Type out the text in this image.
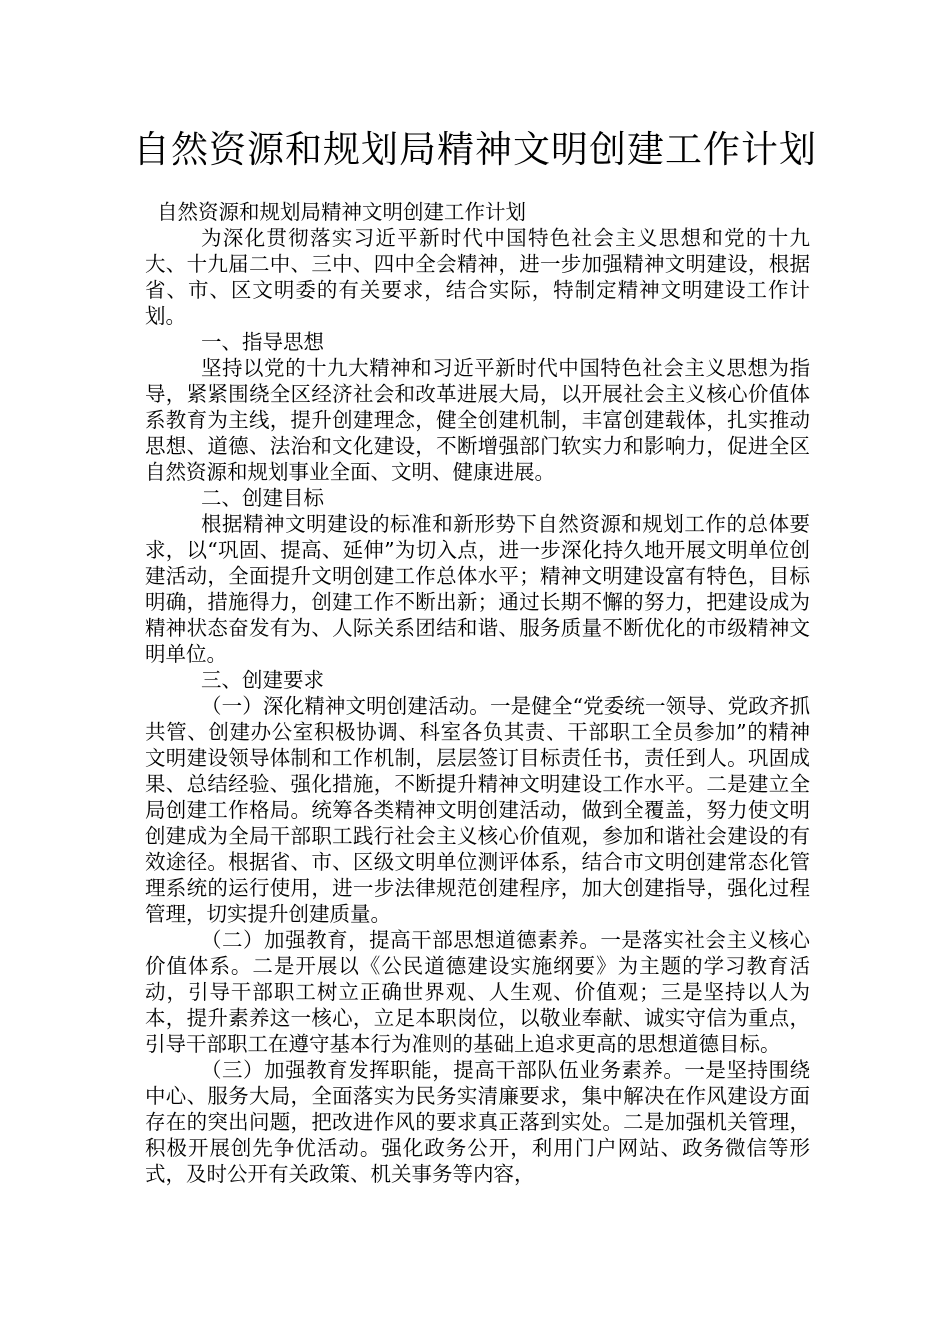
自然资源和规划局精神文明创建工作计划

自然资源和规划局精神文明创建工作计划

为深化贯彻落实习近平新时代中国特色社会主义思想和党的十九大、十九届二中、三中、四中全会精神，进一步加强精神文明建设，根据省、市、区文明委的有关要求，结合实际，特制定精神文明建设工作计划。

一、指导思想

坚持以党的十九大精神和习近平新时代中国特色社会主义思想为指导，紧紧围绕全区经济社会和改革进展大局，以开展社会主义核心价值体系教育为主线，提升创建理念，健全创建机制，丰富创建载体，扎实推动思想、道德、法治和文化建设，不断增强部门软实力和影响力，促进全区自然资源和规划事业全面、文明、健康进展。

二、创建目标

根据精神文明建设的标准和新形势下自然资源和规划工作的总体要求，以“巩固、提高、延伸”为切入点，进一步深化持久地开展文明单位创建活动，全面提升文明创建工作总体水平；精神文明建设富有特色，目标明确，措施得力，创建工作不断出新；通过长期不懈的努力，把建设成为精神状态奋发有为、人际关系团结和谐、服务质量不断优化的市级精神文明单位。

三、创建要求

（一）深化精神文明创建活动。一是健全“党委统一领导、党政齐抓共管、创建办公室积极协调、科室各负其责、干部职工全员参加”的精神文明建设领导体制和工作机制，层层签订目标责任书，责任到人。巩固成果、总结经验、强化措施，不断提升精神文明建设工作水平。二是建立全局创建工作格局。统筹各类精神文明创建活动，做到全覆盖，努力使文明创建成为全局干部职工践行社会主义核心价值观，参加和谐社会建设的有效途径。根据省、市、区级文明单位测评体系，结合市文明创建常态化管理系统的运行使用，进一步法律规范创建程序，加大创建指导，强化过程管理，切实提升创建质量。

（二）加强教育，提高干部思想道德素养。一是落实社会主义核心价值体系。二是开展以《公民道德建设实施纲要》为主题的学习教育活动，引导干部职工树立正确世界观、人生观、价值观；三是坚持以人为本，提升素养这一核心，立足本职岗位，以敬业奉献、诚实守信为重点，引导干部职工在遵守基本行为准则的基础上追求更高的思想道德目标。

（三）加强教育发挥职能，提高干部队伍业务素养。一是坚持围绕中心、服务大局，全面落实为民务实清廉要求，集中解决在作风建设方面存在的突出问题，把改进作风的要求真正落到实处。二是加强机关管理，积极开展创先争优活动。强化政务公开，利用门户网站、政务微信等形式，及时公开有关政策、机关事务等内容，
